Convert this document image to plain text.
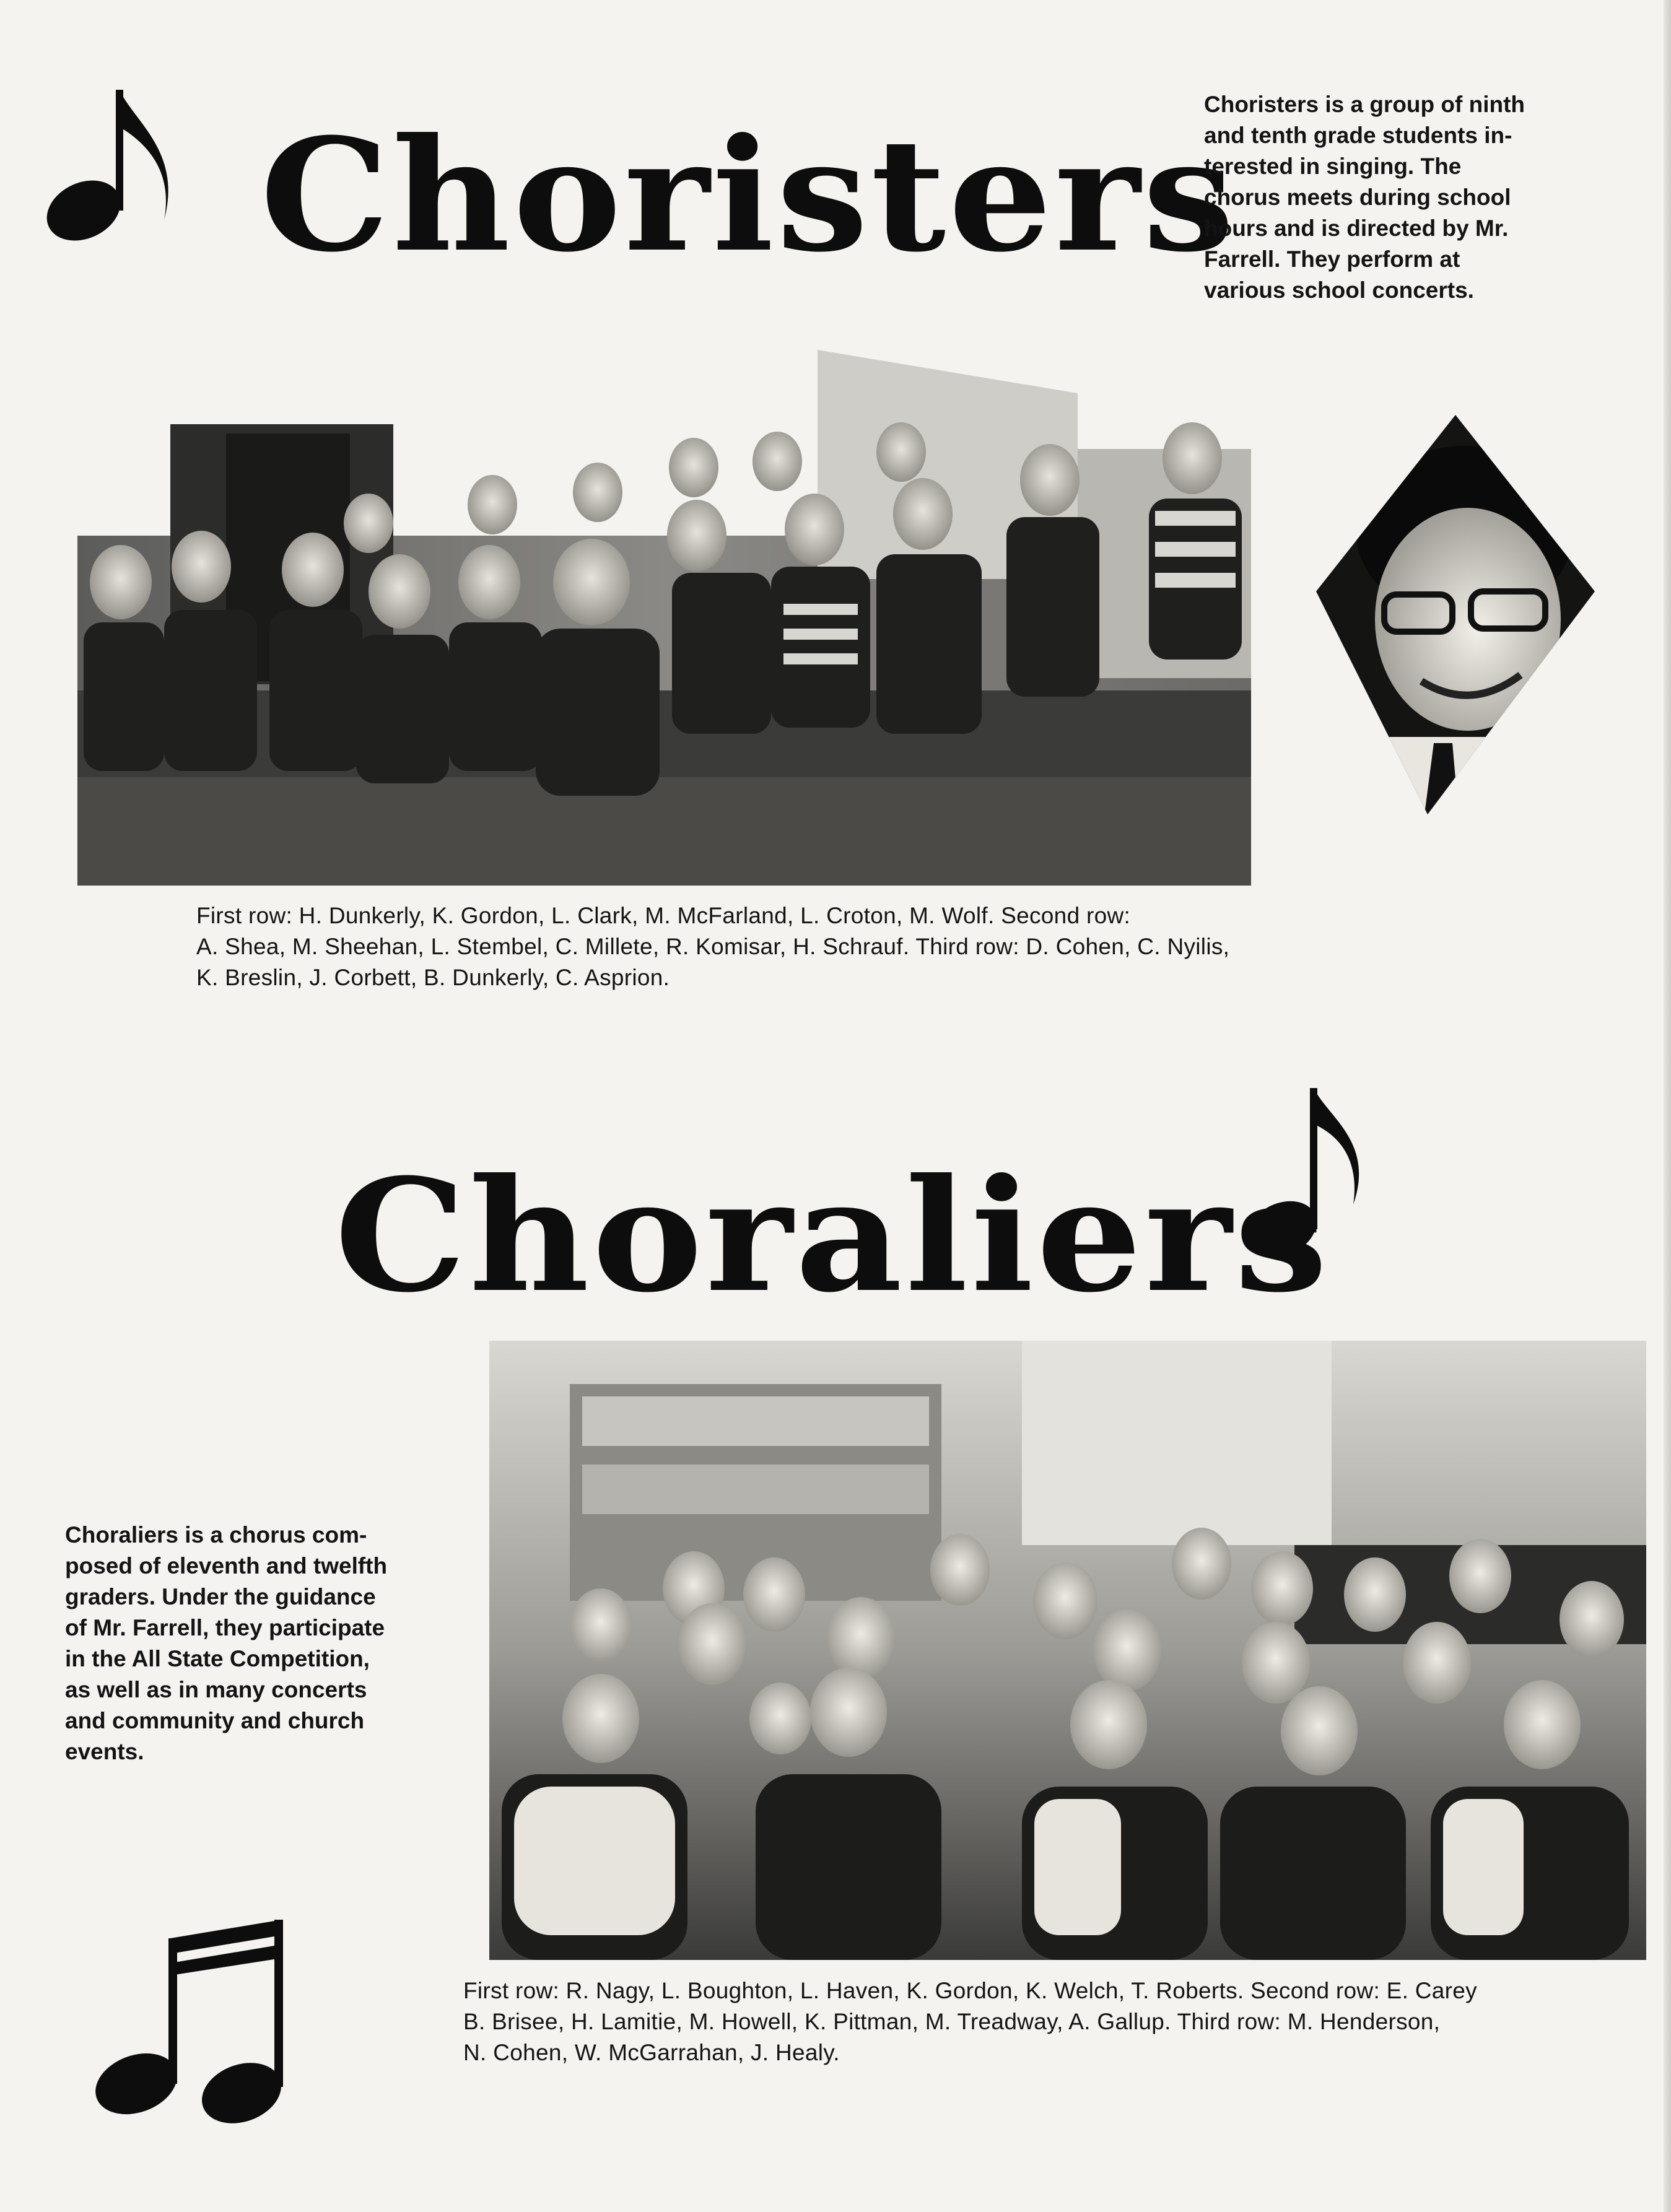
Choristers
Choristers is a group of ninth
and tenth grade students in-
terested in singing. The
chorus meets during school
hours and is directed by Mr.
Farrell. They perform at
various school concerts.
First row: H. Dunkerly, K. Gordon, L. Clark, M. McFarland, L. Croton, M. Wolf. Second row:
A. Shea, M. Sheehan, L. Stembel, C. Millete, R. Komisar, H. Schrauf. Third row: D. Cohen, C. Nyilis,
K. Breslin, J. Corbett, B. Dunkerly, C. Asprion.
Choraliers
Choraliers is a chorus com-
posed of eleventh and twelfth
graders. Under the guidance
of Mr. Farrell, they participate
in the All State Competition,
as well as in many concerts
and community and church
events.
First row: R. Nagy, L. Boughton, L. Haven, K. Gordon, K. Welch, T. Roberts. Second row: E. Carey
B. Brisee, H. Lamitie, M. Howell, K. Pittman, M. Treadway, A. Gallup. Third row: M. Henderson,
N. Cohen, W. McGarrahan, J. Healy.
